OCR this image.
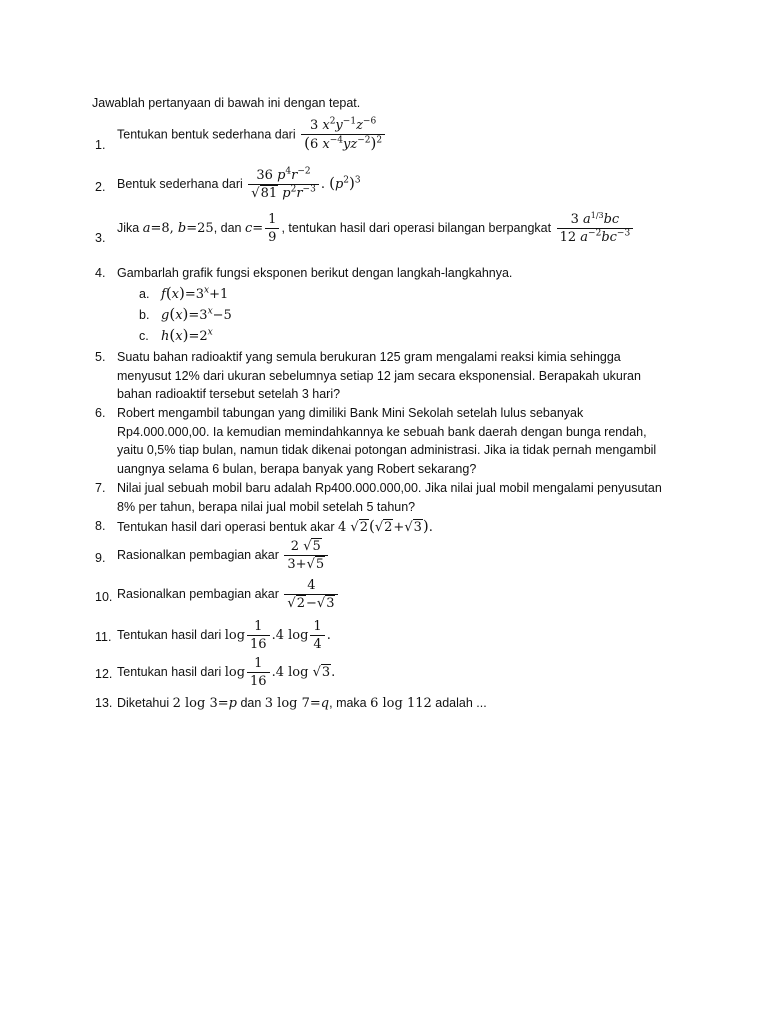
Jawablah pertanyaan di bawah ini dengan tepat.
1.
Tentukan bentuk sederhana dari $\frac{3 x^2y^{-1}z^{-6}}{(6 x^{-4}yz^{-2})^2}$
2. Bentuk sederhana dari $\frac{36 p^4r^{-2}}{√81 p^2r^{-3}}$ . $(p^2)^3$
3.
Jika a=8, b=25, dan $c= \frac{1}{9}$ , tentukan hasil dari operasi bilangan berpangkat $\frac{3 a^{1/3}bc}{12 a^{-2}bc^{-3}}$
4. Gambarlah grafik fungsi eksponen berikut dengan langkah-langkahnya.
a. $f(x)=3^x+1$
b. $g(x)=3^x-5$
c. $h(x)=2^x$
5. Suatu bahan radioaktif yang semula berukuran 125 gram mengalami reaksi kimia sehingga
menyusut 12% dari ukuran sebelumnya setiap 12 jam secara eksponensial. Berapakah ukuran
bahan radioaktif tersebut setelah 3 hari?
6. Robert mengambil tabungan yang dimiliki Bank Mini Sekolah setelah lulus sebanyak
Rp4.000.000,00. Ia kemudian memindahkannya ke sebuah bank daerah dengan bunga rendah,
yaitu 0,5% tiap bulan, namun tidak dikenai potongan administrasi. Jika ia tidak pernah mengambil
uangnya selama 6 bulan, berapa banyak yang Robert sekarang?
7. Nilai jual sebuah mobil baru adalah Rp400.000.000,00. Jika nilai jual mobil mengalami penyusutan
8% per tahun, berapa nilai jual mobil setelah 5 tahun?
8. Tentukan hasil dari operasi bentuk akar 4 √2(√2+√3).
9. Rasionalkan pembagian akar $\frac{2 √5}{3+√5}$
10. Rasionalkan pembagian akar $\frac{4}{√2-√3}$
11. Tentukan hasil dari $\log \frac{1}{16} .4$ $\log \frac{1}{4}$ .
12. Tentukan hasil dari $\log \frac{1}{16} .4$ log √3.
13. Diketahui 2 log 3=p dan 3 log 7=q, maka 6 log 112 adalah ...
